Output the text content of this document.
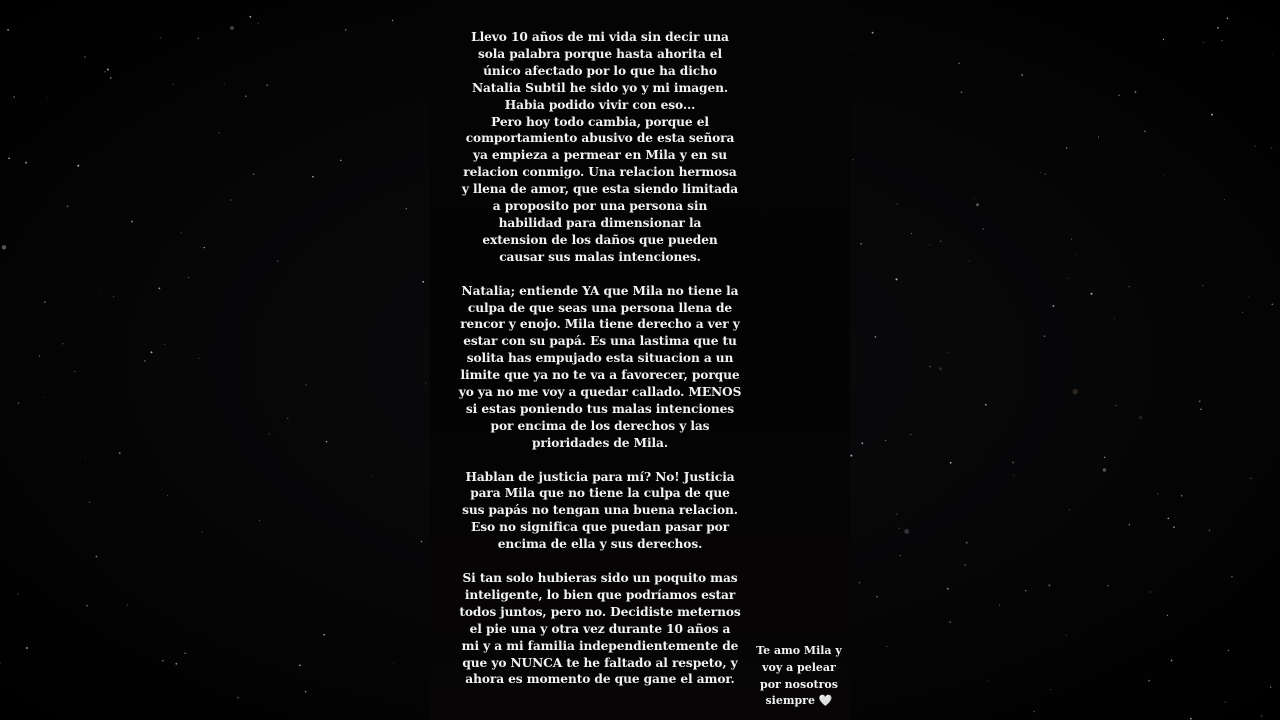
Llevo 10 años de mi vida sin decir una
sola palabra porque hasta ahorita el
único afectado por lo que ha dicho
Natalia Subtil he sido yo y mi imagen.
Habia podido vivir con eso...
Pero hoy todo cambia, porque el
comportamiento abusivo de esta señora
ya empieza a permear en Mila y en su
relacion conmigo. Una relacion hermosa
y llena de amor, que esta siendo limitada
a proposito por una persona sin
habilidad para dimensionar la
extension de los daños que pueden
causar sus malas intenciones.

Natalia; entiende YA que Mila no tiene la
culpa de que seas una persona llena de
rencor y enojo. Mila tiene derecho a ver y
estar con su papá. Es una lastima que tu
solita has empujado esta situacion a un
limite que ya no te va a favorecer, porque
yo ya no me voy a quedar callado. MENOS
si estas poniendo tus malas intenciones
por encima de los derechos y las
prioridades de Mila.

Hablan de justicia para mí? No! Justicia
para Mila que no tiene la culpa de que
sus papás no tengan una buena relacion.
Eso no significa que puedan pasar por
encima de ella y sus derechos.

Si tan solo hubieras sido un poquito mas
inteligente, lo bien que podríamos estar
todos juntos, pero no. Decidiste meternos
el pie una y otra vez durante 10 años a
mi y a mi familia independientemente de
que yo NUNCA te he faltado al respeto, y
ahora es momento de que gane el amor.

Te amo Mila y
voy a pelear
por nosotros
siempre 🤍
